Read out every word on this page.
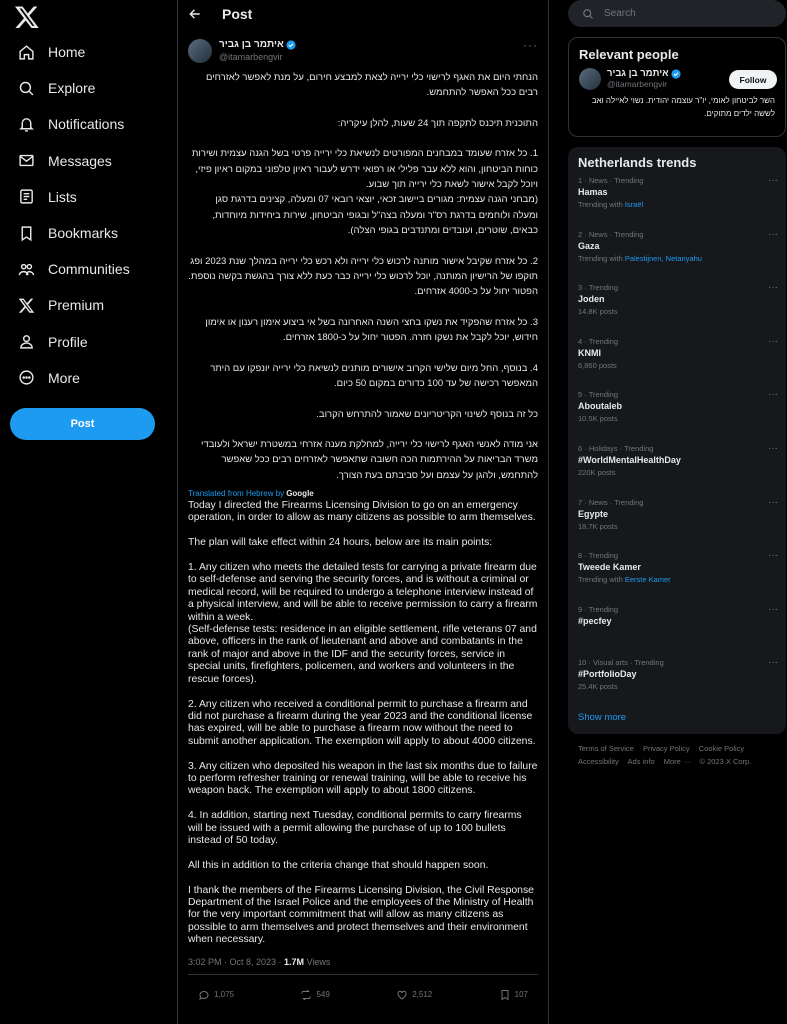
Home
Explore
Notifications
Messages
Lists
Bookmarks
Communities
Premium
Profile
More
Post
Post
איתמר בן גביר
@itamarbengvir
···
הנחתי היום את האגף לרישוי כלי ירייה לצאת למבצע חירום, על מנת לאפשר לאזרחים רבים ככל האפשר להתחמש.

התוכנית תיכנס לתקפה תוך 24 שעות, להלן עיקריה:

1. כל אזרח שעומד במבחנים המפורטים לנשיאת כלי ירייה פרטי בשל הגנה עצמית ושירות כוחות הביטחון, והוא ללא עבר פלילי או רפואי ידרש לעבור ראיון טלפוני במקום ראיון פיזי, ויוכל לקבל אישור לשאת כלי ירייה תוך שבוע.
(מבחני הגנה עצמית: מגורים ביישוב זכאי, יוצאי רובאי 07 ומעלה, קצינים בדרגת סגן ומעלה ולוחמים בדרגת רס"ר ומעלה בצה"ל ובגופי הביטחון, שירות ביחידות מיוחדות, כבאים, שוטרים, ועובדים ומתנדבים בגופי הצלה).

2. כל אזרח שקיבל אישור מותנה לרכוש כלי ירייה ולא רכש כלי ירייה במהלך שנת 2023 ופג תוקפו של הרישיון המותנה, יוכל לרכוש כלי ירייה כבר כעת ללא צורך בהגשת בקשה נוספת. הפטור יחול על כ-4000 אזרחים.

3. כל אזרח שהפקיד את נשקו בחצי השנה האחרונה בשל אי ביצוע אימון רענון או אימון חידוש, יוכל לקבל את נשקו חזרה. הפטור יחול על כ-1800 אזרחים.

4. בנוסף, החל מיום שלישי הקרוב אישורים מותנים לנשיאת כלי ירייה יונפקו עם היתר המאפשר רכישה של עד 100 כדורים במקום 50 כיום.

כל זה בנוסף לשינוי הקריטריונים שאמור להתרחש הקרוב.

אני מודה לאנשי האגף לרישוי כלי ירייה, למחלקת מענה אזרחי במשטרת ישראל ולעובדי משרד הבריאות על ההירתמות הכה חשובה שתאפשר לאזרחים רבים ככל שאפשר להתחמש, ולהגן על עצמם ועל סביבתם בעת הצורך.
Translated from Hebrew by Google
Today I directed the Firearms Licensing Division to go on an emergency operation, in order to allow as many citizens as possible to arm themselves.

The plan will take effect within 24 hours, below are its main points:

1. Any citizen who meets the detailed tests for carrying a private firearm due to self-defense and serving the security forces, and is without a criminal or medical record, will be required to undergo a telephone interview instead of a physical interview, and will be able to receive permission to carry a firearm within a week.
(Self-defense tests: residence in an eligible settlement, rifle veterans 07 and above, officers in the rank of lieutenant and above and combatants in the rank of major and above in the IDF and the security forces, service in special units, firefighters, policemen, and workers and volunteers in the rescue forces).

2. Any citizen who received a conditional permit to purchase a firearm and did not purchase a firearm during the year 2023 and the conditional license has expired, will be able to purchase a firearm now without the need to submit another application. The exemption will apply to about 4000 citizens.

3. Any citizen who deposited his weapon in the last six months due to failure to perform refresher training or renewal training, will be able to receive his weapon back. The exemption will apply to about 1800 citizens.

4. In addition, starting next Tuesday, conditional permits to carry firearms will be issued with a permit allowing the purchase of up to 100 bullets instead of 50 today.

All this in addition to the criteria change that should happen soon.

I thank the members of the Firearms Licensing Division, the Civil Response Department of the Israel Police and the employees of the Ministry of Health for the very important commitment that will allow as many citizens as possible to arm themselves and protect themselves and their environment when necessary.
3:02 PM · Oct 8, 2023 · 1.7M Views
1,075	549	2,512	107
Search
Relevant people
איתמר בן גביר
@itamarbengvir	Follow
השר לביטחון לאומי, יו"ר עוצמה יהודית. נשוי לאיילה ואב לששה ילדים מתוקים.
Netherlands trends
1 · News · Trending
Hamas
···
Trending with Israël
2 · News · Trending
Gaza
···
Trending with Palestijnen, Netanyahu
3 · Trending
Joden
···
14.8K posts
4 · Trending
KNMI
···
6,860 posts
5 · Trending
Aboutaleb
···
10.5K posts
6 · Holidays · Trending
#WorldMentalHealthDay
···
220K posts
7 · News · Trending
Egypte
···
18.7K posts
8 · Trending
Tweede Kamer
···
Trending with Eerste Kamer
9 · Trending
#pecfey
···
10 · Visual arts · Trending
#PortfolioDay
···
25.4K posts
Show more
Terms of Service Privacy Policy Cookie Policy
Accessibility Ads info More ··· © 2023 X Corp.
